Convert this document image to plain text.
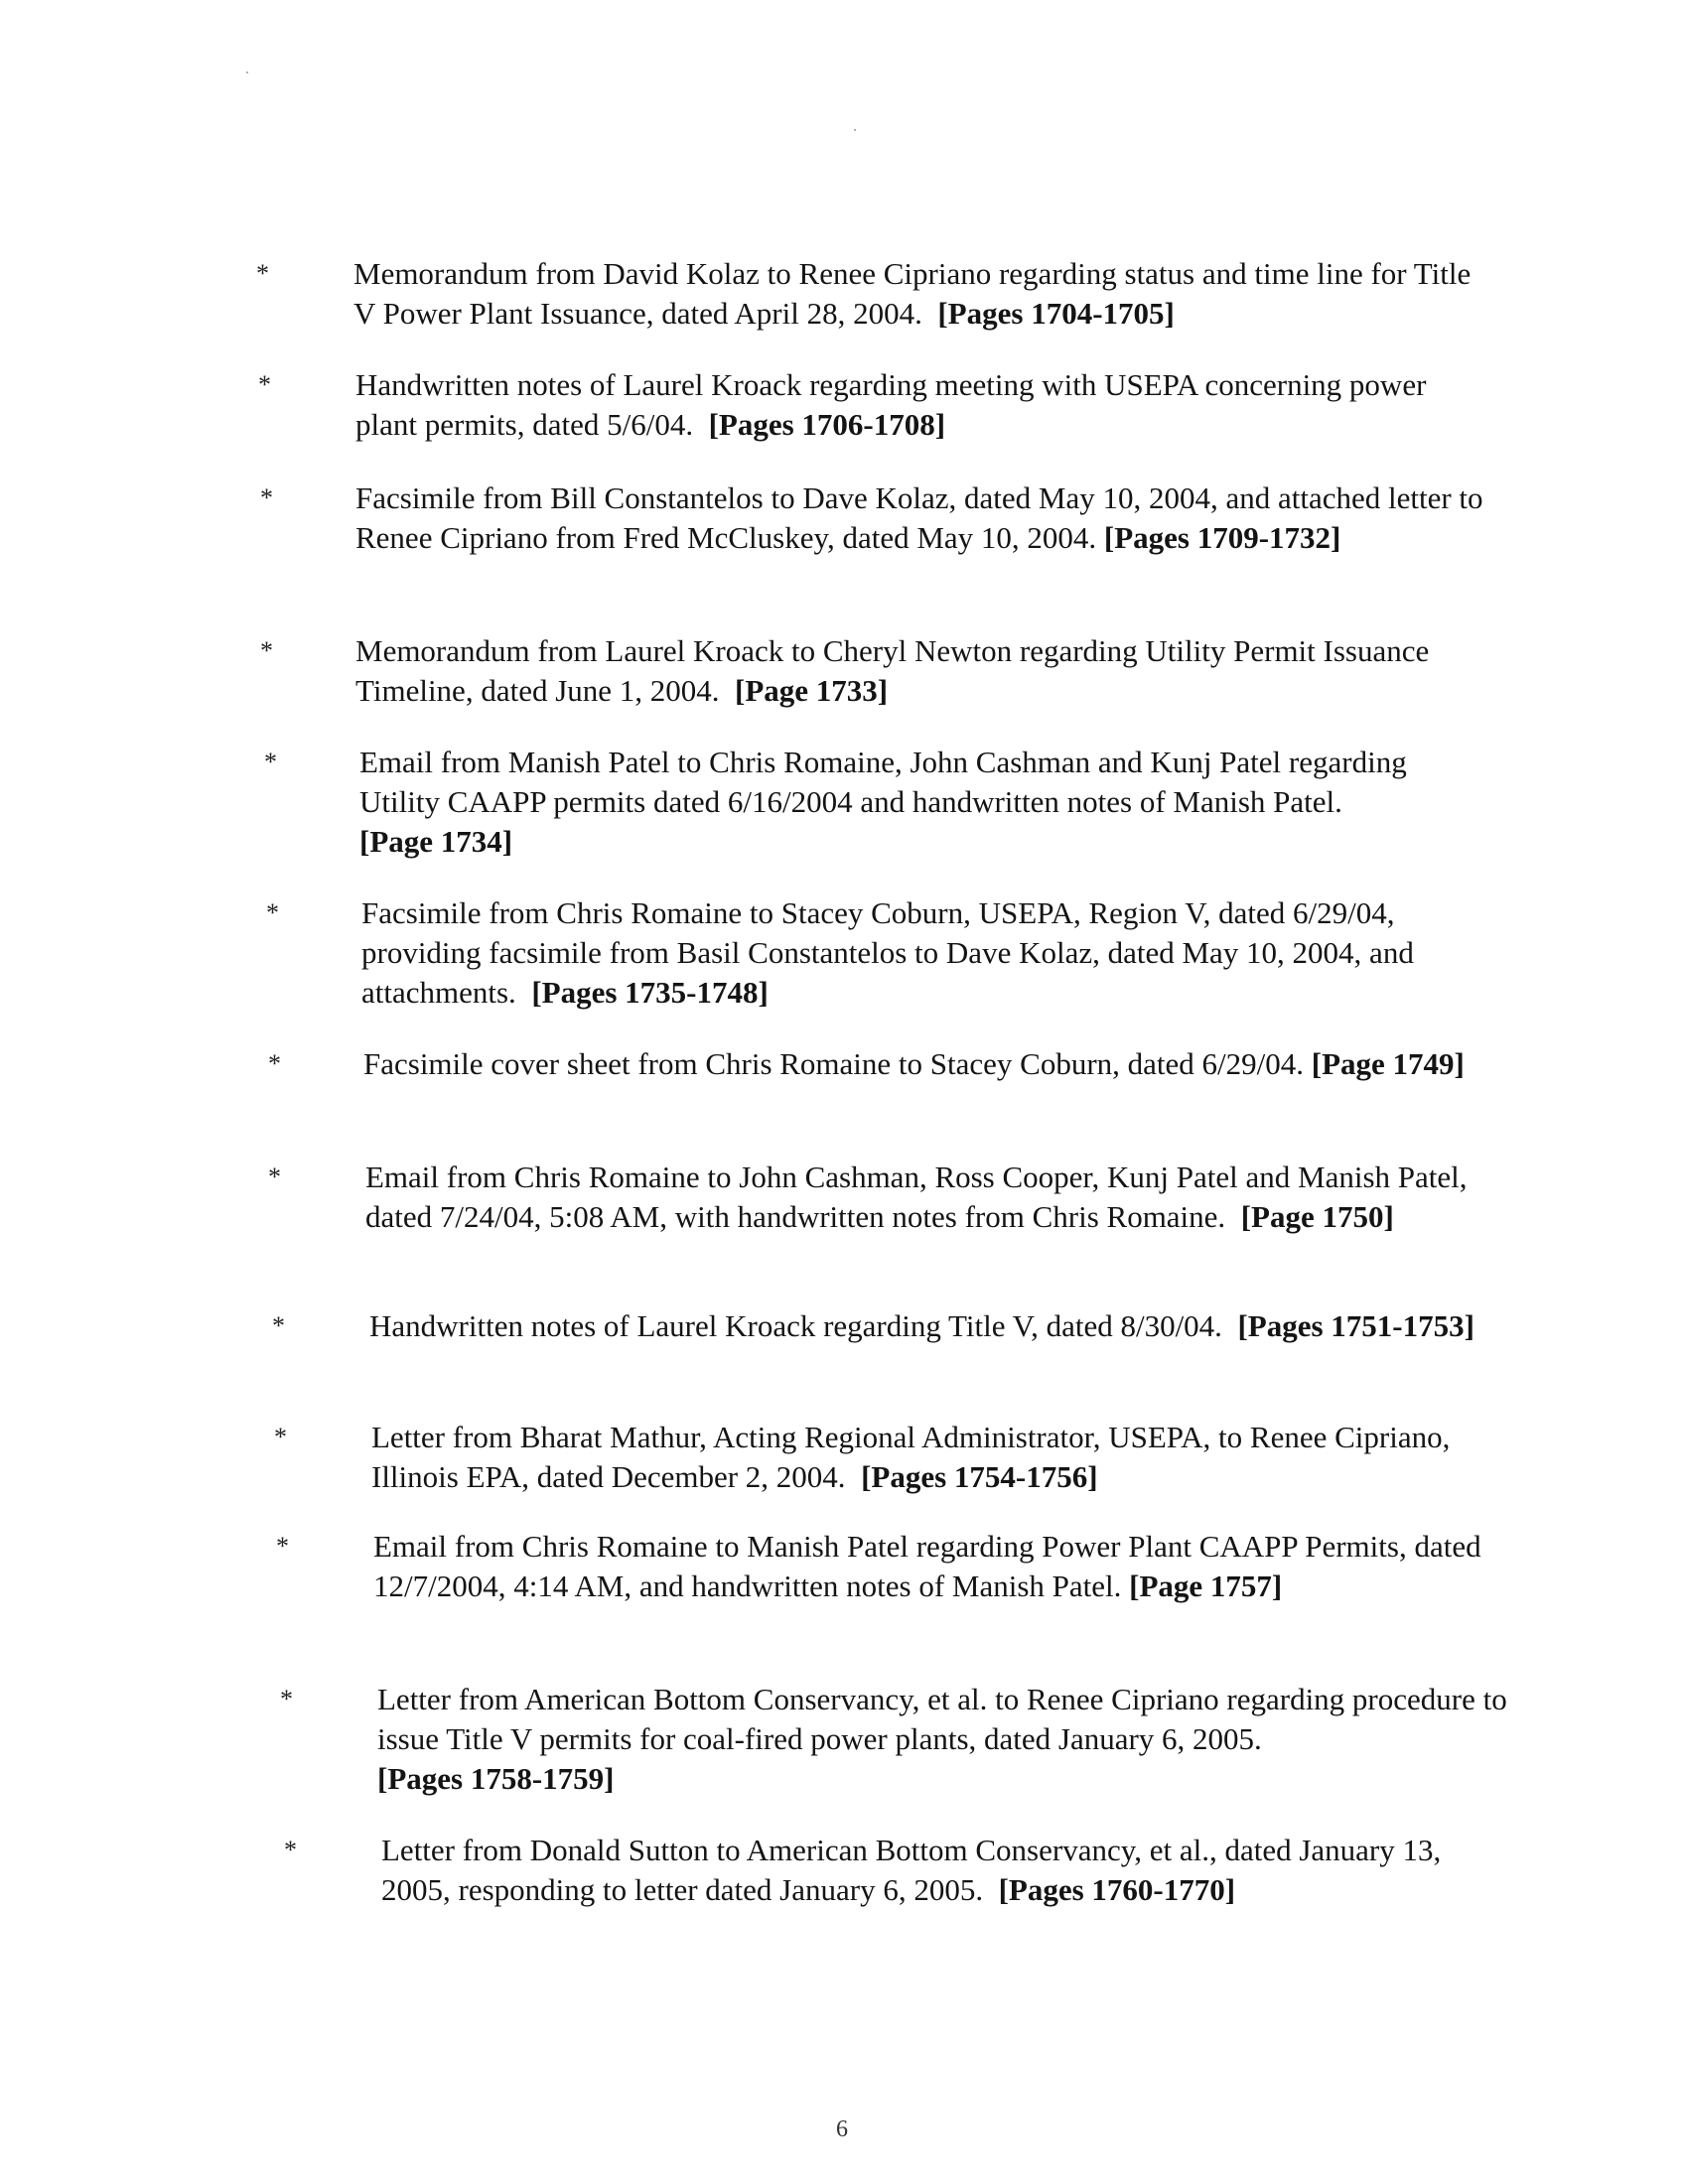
*	Memorandum from David Kolaz to Renee Cipriano regarding status and time line for Title V Power Plant Issuance, dated April 28, 2004. [Pages 1704-1705]
*	Handwritten notes of Laurel Kroack regarding meeting with USEPA concerning power plant permits, dated 5/6/04. [Pages 1706-1708]
*	Facsimile from Bill Constantelos to Dave Kolaz, dated May 10, 2004, and attached letter to Renee Cipriano from Fred McCluskey, dated May 10, 2004. [Pages 1709-1732]
*	Memorandum from Laurel Kroack to Cheryl Newton regarding Utility Permit Issuance Timeline, dated June 1, 2004. [Page 1733]
*	Email from Manish Patel to Chris Romaine, John Cashman and Kunj Patel regarding Utility CAAPP permits dated 6/16/2004 and handwritten notes of Manish Patel.  [Page 1734]
*	Facsimile from Chris Romaine to Stacey Coburn, USEPA, Region V, dated 6/29/04, providing facsimile from Basil Constantelos to Dave Kolaz, dated May 10, 2004, and attachments. [Pages 1735-1748]
*	Facsimile cover sheet from Chris Romaine to Stacey Coburn, dated 6/29/04. [Page 1749]
*	Email from Chris Romaine to John Cashman, Ross Cooper, Kunj Patel and Manish Patel, dated 7/24/04, 5:08 AM, with handwritten notes from Chris Romaine. [Page 1750]
*	Handwritten notes of Laurel Kroack regarding Title V, dated 8/30/04. [Pages 1751-1753]
*	Letter from Bharat Mathur, Acting Regional Administrator, USEPA, to Renee Cipriano, Illinois EPA, dated December 2, 2004. [Pages 1754-1756]
*	Email from Chris Romaine to Manish Patel regarding Power Plant CAAPP Permits, dated 12/7/2004, 4:14 AM, and handwritten notes of Manish Patel. [Page 1757]
*	Letter from American Bottom Conservancy, et al. to Renee Cipriano regarding procedure to issue Title V permits for coal-fired power plants, dated January 6, 2005.  [Pages 1758-1759]
*	Letter from Donald Sutton to American Bottom Conservancy, et al., dated January 13, 2005, responding to letter dated January 6, 2005. [Pages 1760-1770]
6
